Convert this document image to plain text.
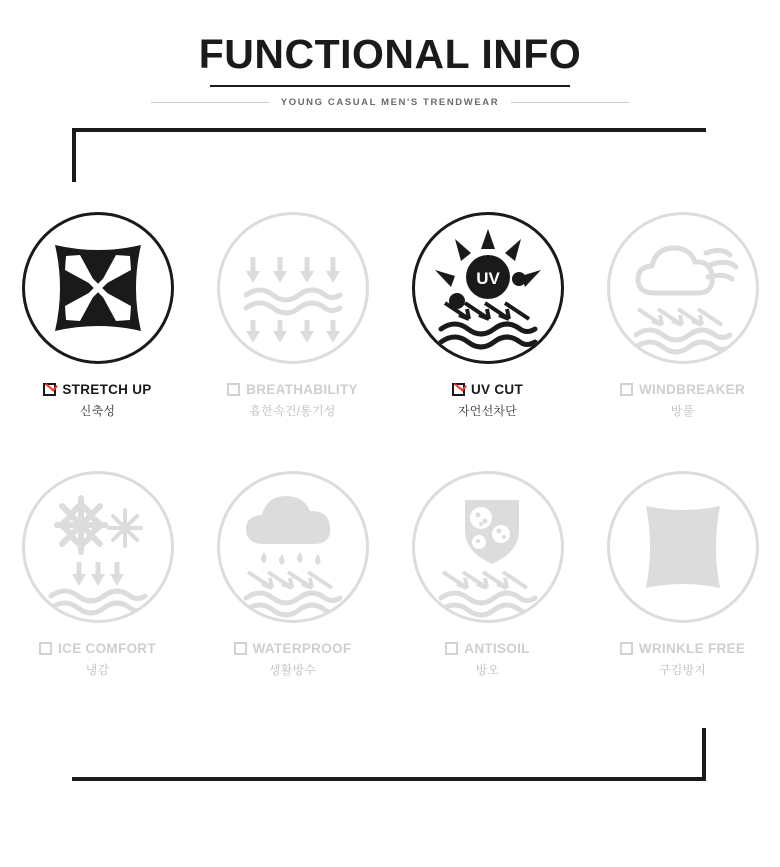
FUNCTIONAL INFO
YOUNG CASUAL MEN'S TRENDWEAR
STRETCH UP
신축성
BREATHABILITY
흡한속건/통기성
UV
UV CUT
자언선차단
WINDBREAKER
방풀
ICE COMFORT
냉감
WATERPROOF
생활방수
ANTISOIL
방오
WRINKLE FREE
구김방지
